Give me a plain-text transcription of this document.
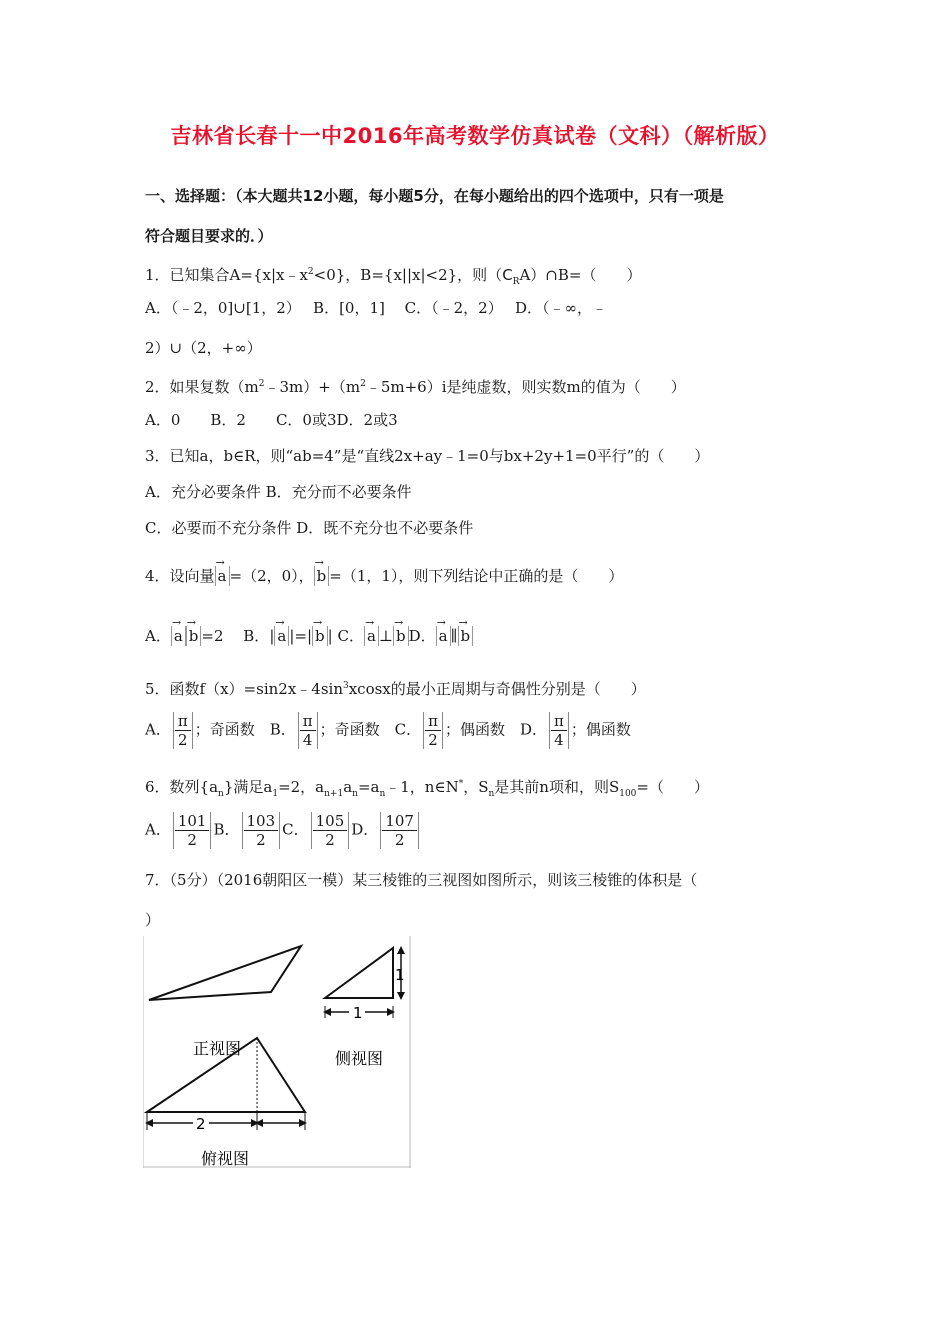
吉林省长春十一中2016年高考数学仿真试卷（文科）（解析版）
一、选择题：（本大题共12小题，每小题5分，在每小题给出的四个选项中，只有一项是
符合题目要求的．）
1．已知集合$A=\{x|x﹣x^2<0\}$，B={x||x|<2}，则$(C_RA)\cap B=$（　　）
A．（﹣2，0]∪[1，2）　 B．[0，1]　 C．（﹣2，2）　 D．（﹣∞，﹣
2）∪（2，+∞）
2．如果复数$(m^2﹣3m)+(m^2﹣5m+6)i$是纯虚数，则实数m的值为（　　）
A．0　　B．2　　C．0或3D．2或3
3．已知a，b∈R，则“ab=4”是“直线2x+ay﹣1=0与bx+2y+1=0平行”的（　　）
A．充分必要条件 B．充分而不必要条件
C．必要而不充分条件 D．既不充分也不必要条件
4．设向量 → a =（2，0）， → b =（1，1），则下列结论中正确的是（　　）
A． → a → b =2　 B．| → a |=| → b | C． → a ⊥ → b D． → a ∥ → b
5．函数$f(x)=\sin 2x﹣4\sin^3xcosx$的最小正周期与奇偶性分别是（　　）
A． $\frac{\pi}{2}$ ；奇函数　B． $\frac{\pi}{4}$ ；奇函数　C． $\frac{\pi}{2}$ ；偶函数　D． $\frac{\pi}{4}$ ；偶函数
6．数列$\{a_n\}$满足$a_1=2$，$a_{n+1}a_n=a_n﹣1$，n∈N*，$S_n$是其前n项和，则$S_{100}=$（　　）
A． $\frac{101}{2}$ B． $\frac{103}{2}$ C． $\frac{105}{2}$ D． $\frac{107}{2}$
7．（5分）（2016朝阳区一模）某三棱锥的三视图如图所示，则该三棱锥的体积是（
）
正视图
1
1
侧视图
2
俯视图
